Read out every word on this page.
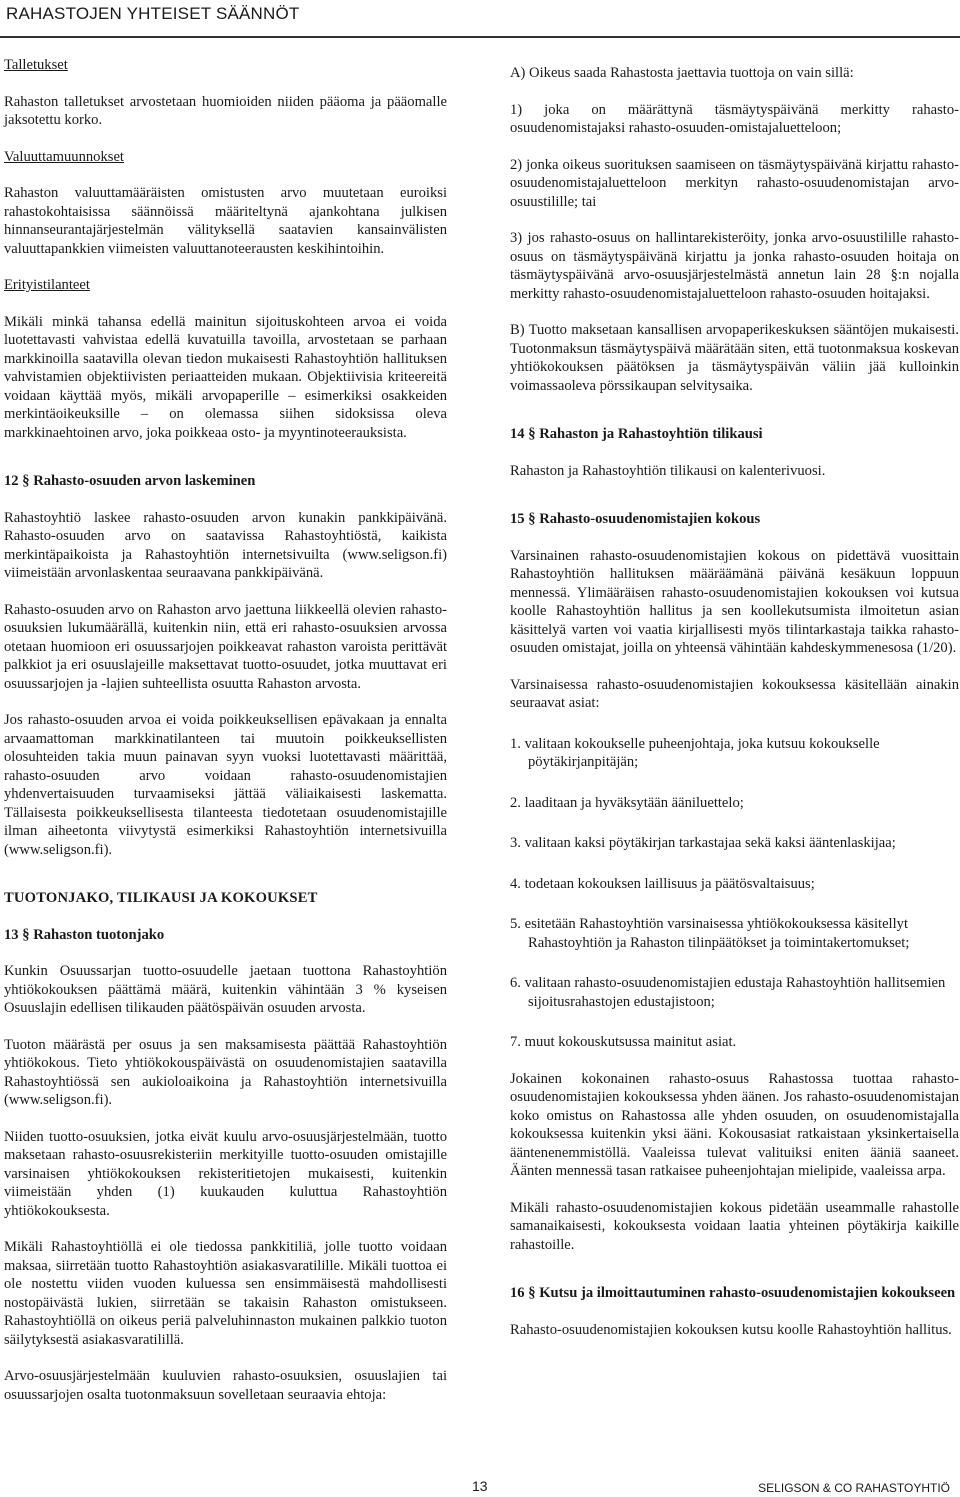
RAHASTOJEN YHTEISET SÄÄNNÖT

Talletukset

Rahaston talletukset arvostetaan huomioiden niiden pääoma ja pääomalle jaksotettu korko.

Valuuttamuunnokset

Rahaston valuuttamääräisten omistusten arvo muutetaan euroiksi rahastokohtaisissa säännöissä määriteltynä ajankohtana julkisen hinnanseurantajärjestelmän välityksellä saatavien kansainvälisten valuuttapankkien viimeisten valuuttanoteerausten keskihintoihin.

Erityistilanteet

Mikäli minkä tahansa edellä mainitun sijoituskohteen arvoa ei voida luotettavasti vahvistaa edellä kuvatuilla tavoilla, arvostetaan se parhaan markkinoilla saatavilla olevan tiedon mukaisesti Rahastoyhtiön hallituksen vahvistamien objektiivisten periaatteiden mukaan. Objektiivisia kriteereitä voidaan käyttää myös, mikäli arvopaperille – esimerkiksi osakkeiden merkintäoikeuksille – on olemassa siihen sidoksissa oleva markkinaehtoinen arvo, joka poikkeaa osto- ja myyntinoteerauksista.

12 § Rahasto-osuuden arvon laskeminen

Rahastoyhtiö laskee rahasto-osuuden arvon kunakin pankkipäivänä. Rahasto-osuuden arvo on saatavissa Rahastoyhtiöstä, kaikista merkintäpaikoista ja Rahastoyhtiön internetsivuilta (www.seligson.fi) viimeistään arvonlaskentaa seuraavana pankkipäivänä.

Rahasto-osuuden arvo on Rahaston arvo jaettuna liikkeellä olevien rahasto-osuuksien lukumäärällä, kuitenkin niin, että eri rahasto-osuuksien arvossa otetaan huomioon eri osuussarjojen poikkeavat rahaston varoista perittävät palkkiot ja eri osuuslajeille maksettavat tuotto-osuudet, jotka muuttavat eri osuussarjojen ja -lajien suhteellista osuutta Rahaston arvosta.

Jos rahasto-osuuden arvoa ei voida poikkeuksellisen epävakaan ja ennalta arvaamattoman markkinatilanteen tai muutoin poikkeuksellisten olosuhteiden takia muun painavan syyn vuoksi luotettavasti määrittää, rahasto-osuuden arvo voidaan rahasto-osuudenomistajien yhdenvertaisuuden turvaamiseksi jättää väliaikaisesti laskematta. Tällaisesta poikkeuksellisesta tilanteesta tiedotetaan osuudenomistajille ilman aiheetonta viivytystä esimerkiksi Rahastoyhtiön internetsivuilla (www.seligson.fi).

TUOTONJAKO, TILIKAUSI JA KOKOUKSET
13 § Rahaston tuotonjako

Kunkin Osuussarjan tuotto-osuudelle jaetaan tuottona Rahastoyhtiön yhtiökokouksen päättämä määrä, kuitenkin vähintään 3 % kyseisen Osuuslajin edellisen tilikauden päätöspäivän osuuden arvosta.

Tuoton määrästä per osuus ja sen maksamisesta päättää Rahastoyhtiön yhtiökokous. Tieto yhtiökokouspäivästä on osuudenomistajien saatavilla Rahastoyhtiössä sen aukioloaikoina ja Rahastoyhtiön internetsivuilla (www.seligson.fi).

Niiden tuotto-osuuksien, jotka eivät kuulu arvo-osuusjärjestelmään, tuotto maksetaan rahasto-osuusrekisteriin merkityille tuotto-osuuden omistajille varsinaisen yhtiökokouksen rekisteritietojen mukaisesti, kuitenkin viimeistään yhden (1) kuukauden kuluttua Rahastoyhtiön yhtiökokouksesta.

Mikäli Rahastoyhtiöllä ei ole tiedossa pankkitiliä, jolle tuotto voidaan maksaa, siirretään tuotto Rahastoyhtiön asiakasvaratilille. Mikäli tuottoa ei ole nostettu viiden vuoden kuluessa sen ensimmäisestä mahdollisesti nostopäivästä lukien, siirretään se takaisin Rahaston omistukseen. Rahastoyhtiöllä on oikeus periä palveluhinnaston mukainen palkkio tuoton säilytyksestä asiakasvaratilillä.

Arvo-osuusjärjestelmään kuuluvien rahasto-osuuksien, osuuslajien tai osuussarjojen osalta tuotonmaksuun sovelletaan seuraavia ehtoja:

A) Oikeus saada Rahastosta jaettavia tuottoja on vain sillä:

1) joka on määrättynä täsmäytyspäivänä merkitty rahasto-osuudenomistajaksi rahasto-osuuden-omistajaluetteloon;

2) jonka oikeus suorituksen saamiseen on täsmäytyspäivänä kirjattu rahasto-osuudenomistajaluetteloon merkityn rahasto-osuudenomistajan arvo-osuustilille; tai

3) jos rahasto-osuus on hallintarekisteröity, jonka arvo-osuustilille rahasto-osuus on täsmäytyspäivänä kirjattu ja jonka rahasto-osuuden hoitaja on täsmäytyspäivänä arvo-osuusjärjestelmästä annetun lain 28 §:n nojalla merkitty rahasto-osuudenomistajaluetteloon rahasto-osuuden hoitajaksi.

B) Tuotto maksetaan kansallisen arvopaperikeskuksen sääntöjen mukaisesti. Tuotonmaksun täsmäytyspäivä määrätään siten, että tuotonmaksua koskevan yhtiökokouksen päätöksen ja täsmäytyspäivän väliin jää kulloinkin voimassaoleva pörssikaupan selvitysaika.

14 § Rahaston ja Rahastoyhtiön tilikausi

Rahaston ja Rahastoyhtiön tilikausi on kalenterivuosi.

15 § Rahasto-osuudenomistajien kokous

Varsinainen rahasto-osuudenomistajien kokous on pidettävä vuosittain Rahastoyhtiön hallituksen määräämänä päivänä kesäkuun loppuun mennessä. Ylimääräisen rahasto-osuudenomistajien kokouksen voi kutsua koolle Rahastoyhtiön hallitus ja sen koollekutsumista ilmoitetun asian käsittelyä varten voi vaatia kirjallisesti myös tilintarkastaja taikka rahasto-osuuden omistajat, joilla on yhteensä vähintään kahdeskymmenesosa (1/20).

Varsinaisessa rahasto-osuudenomistajien kokouksessa käsitellään ainakin seuraavat asiat:

1. valitaan kokoukselle puheenjohtaja, joka kutsuu kokoukselle pöytäkirjanpitäjän;
2. laaditaan ja hyväksytään ääniluettelo;
3. valitaan kaksi pöytäkirjan tarkastajaa sekä kaksi ääntenlaskijaa;
4. todetaan kokouksen laillisuus ja päätösvaltaisuus;
5. esitetään Rahastoyhtiön varsinaisessa yhtiökokouksessa käsitellyt Rahastoyhtiön ja Rahaston tilinpäätökset ja toimintakertomukset;
6. valitaan rahasto-osuudenomistajien edustaja Rahastoyhtiön hallitsemien sijoitusrahastojen edustajistoon;
7. muut kokouskutsussa mainitut asiat.

Jokainen kokonainen rahasto-osuus Rahastossa tuottaa rahasto-osuudenomistajien kokouksessa yhden äänen. Jos rahasto-osuudenomistajan koko omistus on Rahastossa alle yhden osuuden, on osuudenomistajalla kokouksessa kuitenkin yksi ääni. Kokousasiat ratkaistaan yksinkertaisella ääntenenemmistöllä. Vaaleissa tulevat valituiksi eniten ääniä saaneet. Äänten mennessä tasan ratkaisee puheenjohtajan mielipide, vaaleissa arpa.

Mikäli rahasto-osuudenomistajien kokous pidetään useammalle rahastolle samanaikaisesti, kokouksesta voidaan laatia yhteinen pöytäkirja kaikille rahastoille.

16 § Kutsu ja ilmoittautuminen rahasto-osuudenomistajien kokoukseen

Rahasto-osuudenomistajien kokouksen kutsu koolle Rahastoyhtiön hallitus.

13	SELIGSON & CO RAHASTOYHTIÖ
